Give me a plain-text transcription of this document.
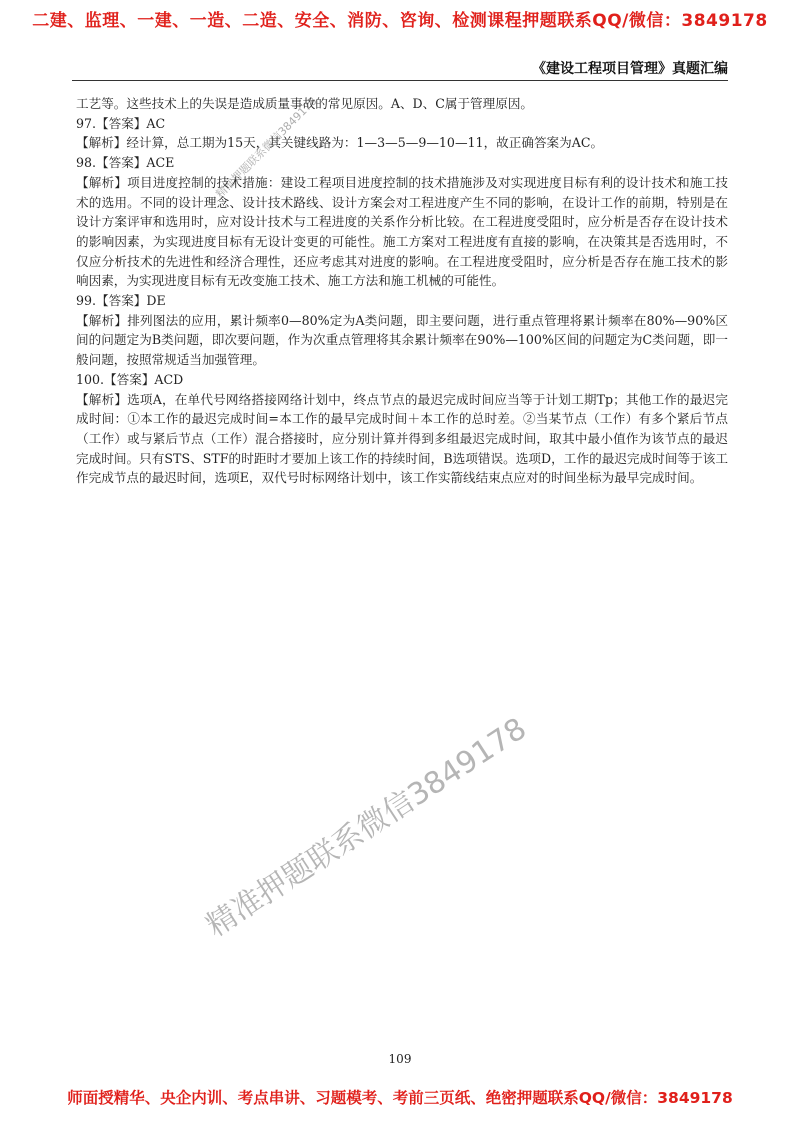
二建、监理、一建、一造、二造、安全、消防、咨询、检测课程押题联系QQ/微信：3849178
《建设工程项目管理》真题汇编

工艺等。这些技术上的失误是造成质量事故的常见原因。A、D、C属于管理原因。

97.【答案】AC

【解析】经计算，总工期为15天，其关键线路为：1—3—5—9—10—11，故正确答案为AC。

98.【答案】ACE

【解析】项目进度控制的技术措施：建设工程项目进度控制的技术措施涉及对实现进度目标有利的设计技术和施工技术的选用。不同的设计理念、设计技术路线、设计方案会对工程进度产生不同的影响，在设计工作的前期，特别是在设计方案评审和选用时，应对设计技术与工程进度的关系作分析比较。在工程进度受阻时，应分析是否存在设计技术的影响因素，为实现进度目标有无设计变更的可能性。施工方案对工程进度有直接的影响，在决策其是否选用时，不仅应分析技术的先进性和经济合理性，还应考虑其对进度的影响。在工程进度受阻时，应分析是否存在施工技术的影响因素，为实现进度目标有无改变施工技术、施工方法和施工机械的可能性。

99.【答案】DE

【解析】排列图法的应用，累计频率0—80%定为A类问题，即主要问题，进行重点管理将累计频率在80%—90%区间的问题定为B类问题，即次要问题，作为次重点管理将其余累计频率在90%—100%区间的问题定为C类问题，即一般问题，按照常规适当加强管理。

100.【答案】ACD

【解析】选项A，在单代号网络搭接网络计划中，终点节点的最迟完成时间应当等于计划工期Tp；其他工作的最迟完成时间：①本工作的最迟完成时间=本工作的最早完成时间＋本工作的总时差。②当某节点（工作）有多个紧后节点（工作）或与紧后节点（工作）混合搭接时，应分别计算并得到多组最迟完成时间，取其中最小值作为该节点的最迟完成时间。只有STS、STF的时距时才要加上该工作的持续时间，B选项错误。选项D，工作的最迟完成时间等于该工作完成节点的最迟时间，选项E，双代号时标网络计划中，该工作实箭线结束点应对的时间坐标为最早完成时间。

精准押题联系微信3849178
精准押题联系微信3849178
109
师面授精华、央企内训、考点串讲、习题模考、考前三页纸、绝密押题联系QQ/微信：3849178
